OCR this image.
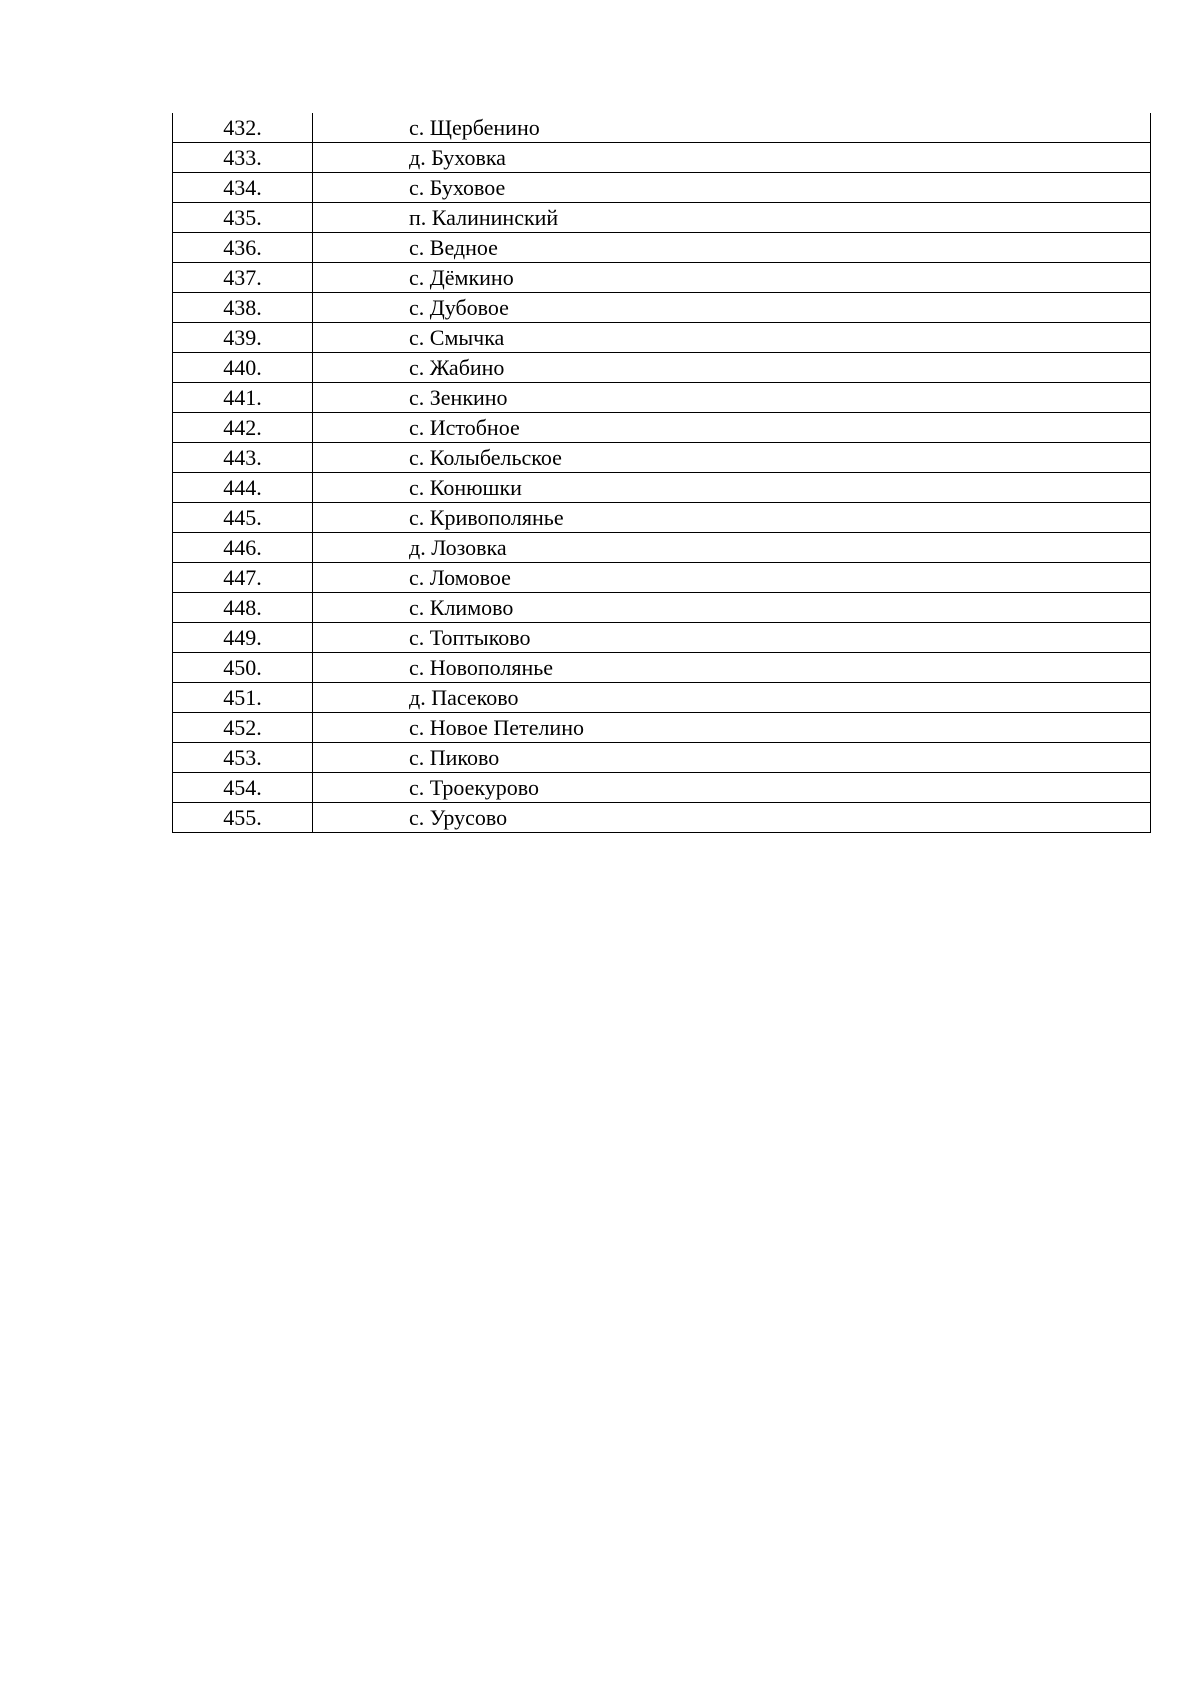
432.	с. Щербенино
433.	д. Буховка
434.	с. Буховое
435.	п. Калининский
436.	с. Ведное
437.	с. Дёмкино
438.	с. Дубовое
439.	с. Смычка
440.	с. Жабино
441.	с. Зенкино
442.	с. Истобное
443.	с. Колыбельское
444.	с. Конюшки
445.	с. Кривополянье
446.	д. Лозовка
447.	с. Ломовое
448.	с. Климово
449.	с. Топтыково
450.	с. Новополянье
451.	д. Пасеково
452.	с. Новое Петелино
453.	с. Пиково
454.	с. Троекурово
455.	с. Урусово
